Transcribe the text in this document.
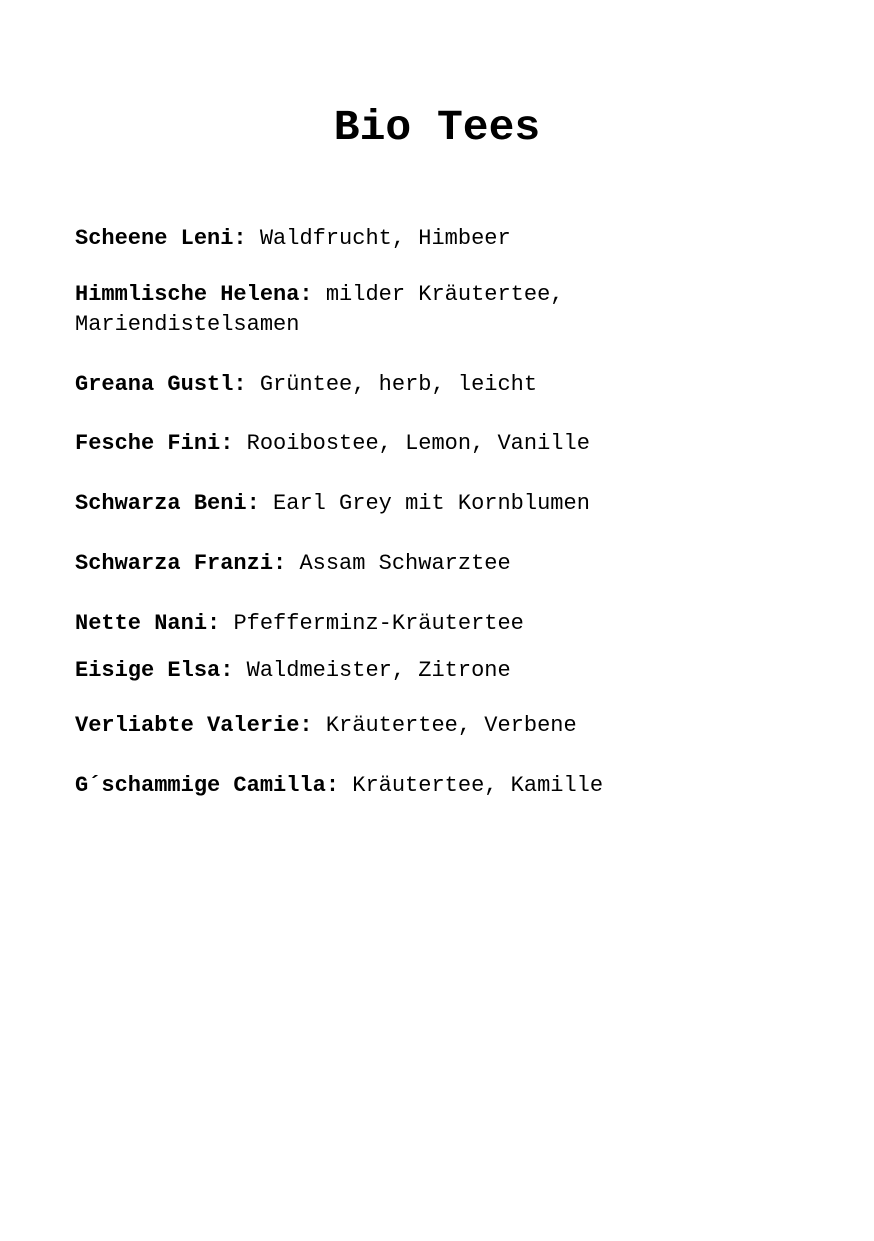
Bio Tees

Scheene Leni: Waldfrucht, Himbeer

Himmlische Helena: milder Kräutertee, Mariendistelsamen

Greana Gustl: Grüntee, herb, leicht

Fesche Fini: Rooibostee, Lemon, Vanille

Schwarza Beni: Earl Grey mit Kornblumen

Schwarza Franzi: Assam Schwarztee

Nette Nani: Pfefferminz-Kräutertee

Eisige Elsa: Waldmeister, Zitrone

Verliabte Valerie: Kräutertee, Verbene

G´schammige Camilla: Kräutertee, Kamille
